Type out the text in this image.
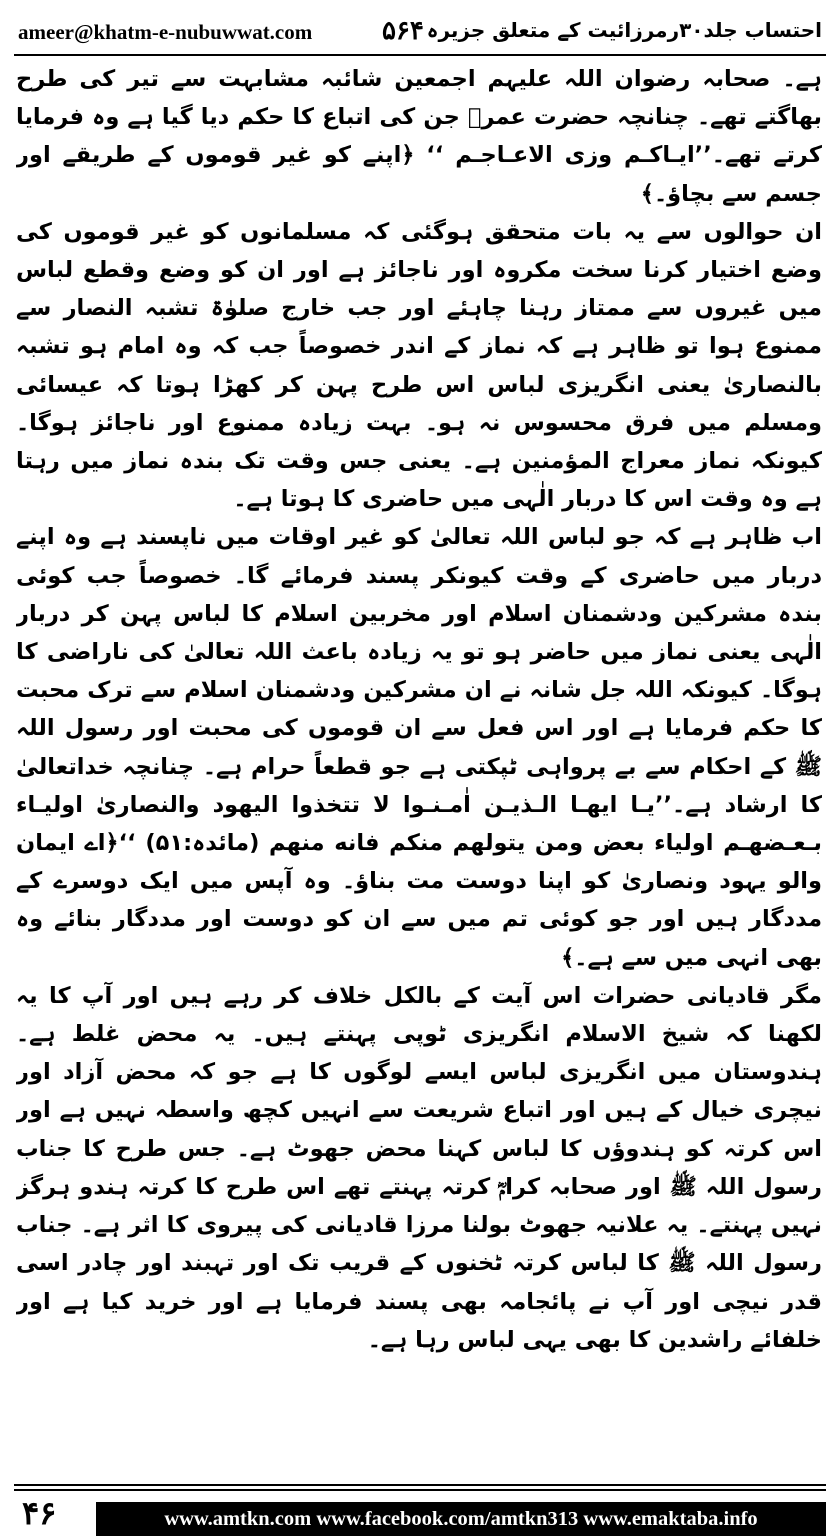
ameer@khatm-e-nubuwwat.com	۵۶۴ احتساب جلد۳۰رمرزائیت کے متعلق جزیرہ

ہے۔ صحابہ رضوان اللہ علیہم اجمعین شائبہ مشابہت سے تیر کی طرح بھاگتے تھے۔ چنانچہ حضرت عمرؓ جن کی اتباع کا حکم دیا گیا ہے وہ فرمایا کرتے تھے۔’’ایـاکـم وزی الاعـاجـم ‘‘ ﴿اپنے کو غیر قوموں کے طریقے اور جسم سے بچاؤ۔﴾

ان حوالوں سے یہ بات متحقق ہوگئی کہ مسلمانوں کو غیر قوموں کی وضع اختیار کرنا سخت مکروہ اور ناجائز ہے اور ان کو وضع وقطع لباس میں غیروں سے ممتاز رہنا چاہئے اور جب خارج صلوٰۃ تشبہ النصار سے ممنوع ہوا تو ظاہر ہے کہ نماز کے اندر خصوصاً جب کہ وہ امام ہو تشبہ بالنصاریٰ یعنی انگریزی لباس اس طرح پہن کر کھڑا ہوتا کہ عیسائی ومسلم میں فرق محسوس نہ ہو۔ بہت زیادہ ممنوع اور ناجائز ہوگا۔ کیونکہ نماز معراج المؤمنین ہے۔ یعنی جس وقت تک بندہ نماز میں رہتا ہے وہ وقت اس کا دربار الٰہی میں حاضری کا ہوتا ہے۔

اب ظاہر ہے کہ جو لباس اللہ تعالیٰ کو غیر اوقات میں ناپسند ہے وہ اپنے دربار میں حاضری کے وقت کیونکر پسند فرمائے گا۔ خصوصاً جب کوئی بندہ مشرکین ودشمنان اسلام اور مخربین اسلام کا لباس پہن کر دربار الٰہی یعنی نماز میں حاضر ہو تو یہ زیادہ باعث اللہ تعالیٰ کی ناراضی کا ہوگا۔ کیونکہ اللہ جل شانہ نے ان مشرکین ودشمنان اسلام سے ترک محبت کا حکم فرمایا ہے اور اس فعل سے ان قوموں کی محبت اور رسول اللہ ﷺ کے احکام سے بے پرواہی ٹپکتی ہے جو قطعاً حرام ہے۔ چنانچہ خداتعالیٰ کا ارشاد ہے۔’’یـا ایهـا الـذیـن اٰمـنـوا لا تتخذوا الیهود والنصاریٰ اولیـاء بـعـضهـم اولیاء بعض ومن یتولهم منکم فانه منهم (مائدہ:۵۱) ‘‘﴿اے ایمان والو یہود ونصاریٰ کو اپنا دوست مت بناؤ۔ وہ آپس میں ایک دوسرے کے مددگار ہیں اور جو کوئی تم میں سے ان کو دوست اور مددگار بنائے وہ بھی انہی میں سے ہے۔﴾

مگر قادیانی حضرات اس آیت کے بالکل خلاف کر رہے ہیں اور آپ کا یہ لکھنا کہ شیخ الاسلام انگریزی ٹوپی پہنتے ہیں۔ یہ محض غلط ہے۔ ہندوستان میں انگریزی لباس ایسے لوگوں کا ہے جو کہ محض آزاد اور نیچری خیال کے ہیں اور اتباع شریعت سے انہیں کچھ واسطہ نہیں ہے اور اس کرتہ کو ہندوؤں کا لباس کہنا محض جھوٹ ہے۔ جس طرح کا جناب رسول اللہ ﷺ اور صحابہ کرامؓ کرتہ پہنتے تھے اس طرح کا کرتہ ہندو ہرگز نہیں پہنتے۔ یہ علانیہ جھوٹ بولنا مرزا قادیانی کی پیروی کا اثر ہے۔ جناب رسول اللہ ﷺ کا لباس کرتہ ٹخنوں کے قریب تک اور تہبند اور چادر اسی قدر نیچی اور آپ نے پائجامہ بھی پسند فرمایا ہے اور خرید کیا ہے اور خلفائے راشدین کا بھی یہی لباس رہا ہے۔

۴۶	www.amtkn.com www.facebook.com/amtkn313 www.emaktaba.info
